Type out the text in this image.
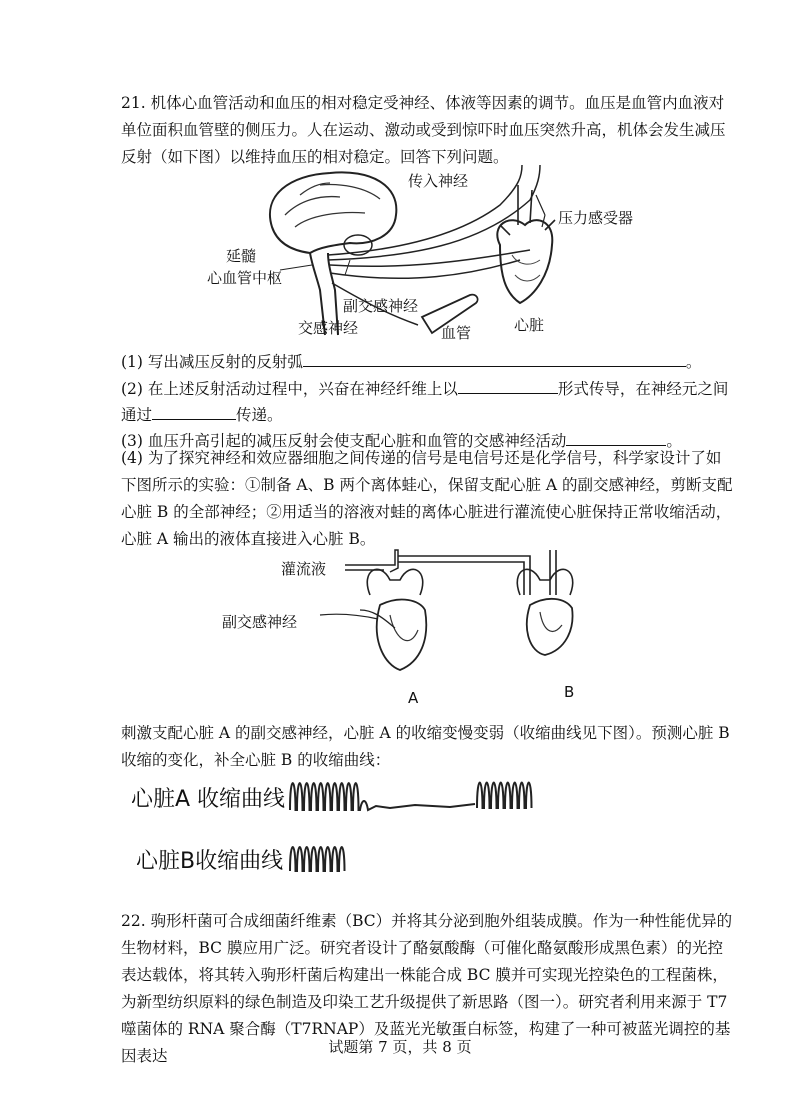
21. 机体心血管活动和血压的相对稳定受神经、体液等因素的调节。血压是血管内血液对单位面积血管壁的侧压力。人在运动、激动或受到惊吓时血压突然升高，机体会发生减压反射（如下图）以维持血压的相对稳定。回答下列问题。

传入神经
压力感受器
延髓
心血管中枢
副交感神经
交感神经	血管	心脏
(1) 写出减压反射的反射弧	。
(2) 在上述反射活动过程中，兴奋在神经纤维上以	形式传导，在神经元之间
通过	传递。
(3) 血压升高引起的减压反射会使支配心脏和血管的交感神经活动	。

(4) 为了探究神经和效应器细胞之间传递的信号是电信号还是化学信号，科学家设计了如下图所示的实验：①制备 A、B 两个离体蛙心，保留支配心脏 A 的副交感神经，剪断支配心脏 B 的全部神经；②用适当的溶液对蛙的离体心脏进行灌流使心脏保持正常收缩活动，心脏 A 输出的液体直接进入心脏 B。

灌流液
副交感神经
A	B

刺激支配心脏 A 的副交感神经，心脏 A 的收缩变慢变弱（收缩曲线见下图）。预测心脏 B 收缩的变化，补全心脏 B 的收缩曲线：

心脏A 收缩曲线
心脏B收缩曲线

22. 驹形杆菌可合成细菌纤维素（BC）并将其分泌到胞外组装成膜。作为一种性能优异的生物材料，BC 膜应用广泛。研究者设计了酪氨酸酶（可催化酪氨酸形成黑色素）的光控表达载体，将其转入驹形杆菌后构建出一株能合成 BC 膜并可实现光控染色的工程菌株，为新型纺织原料的绿色制造及印染工艺升级提供了新思路（图一）。研究者利用来源于 T7 噬菌体的 RNA 聚合酶（T7RNAP）及蓝光光敏蛋白标签，构建了一种可被蓝光调控的基因表达	试题第 7 页，共 8 页
